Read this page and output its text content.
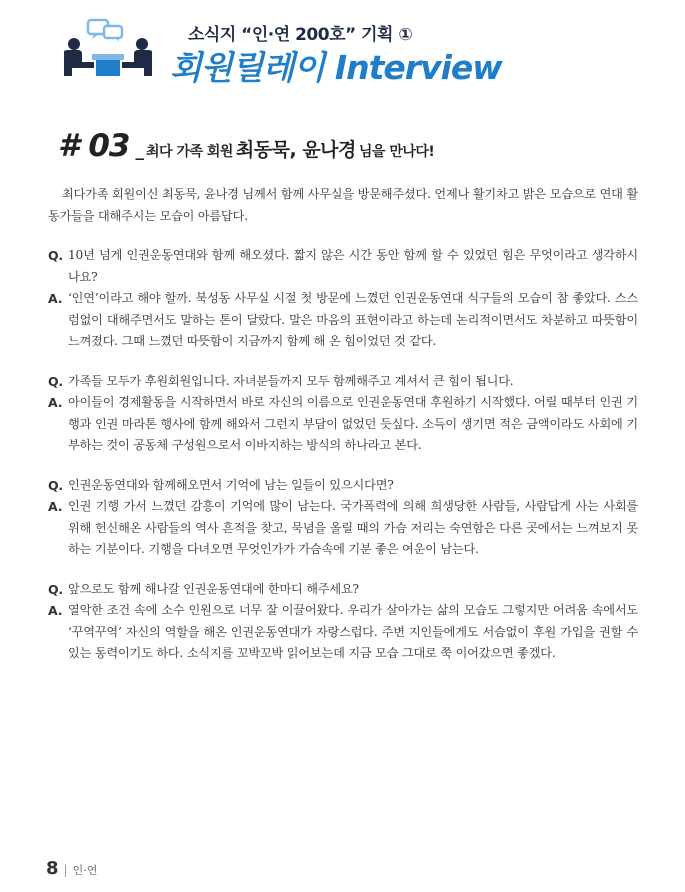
소식지 “인·연 200호” 기획 ①
회원릴레이 Interview
# 03 _ 최다 가족 회원 최동묵, 윤나경 님을 만나다!

최다가족 회원이신 최동묵, 윤나경 님께서 함께 사무실을 방문해주셨다. 언제나 활기차고 밝은 모습으로 연대 활동가들을 대해주시는 모습이 아름답다.

Q. 10년 넘게 인권운동연대와 함께 해오셨다. 짧지 않은 시간 동안 함께 할 수 있었던 힘은 무엇이라고 생각하시나요?
A. ‘인연’이라고 해야 할까. 북성동 사무실 시절 첫 방문에 느꼈던 인권운동연대 식구들의 모습이 참 좋았다. 스스럼없이 대해주면서도 말하는 톤이 달랐다. 말은 마음의 표현이라고 하는데 논리적이면서도 차분하고 따뜻함이 느껴졌다. 그때 느꼈던 따뜻함이 지금까지 함께 해 온 힘이었던 것 같다.
Q. 가족들 모두가 후원회원입니다. 자녀분들까지 모두 함께해주고 계셔서 큰 힘이 됩니다.
A. 아이들이 경제활동을 시작하면서 바로 자신의 이름으로 인권운동연대 후원하기 시작했다. 어릴 때부터 인권 기행과 인권 마라톤 행사에 함께 해와서 그런지 부담이 없었던 듯싶다. 소득이 생기면 적은 금액이라도 사회에 기부하는 것이 공동체 구성원으로서 이바지하는 방식의 하나라고 본다.
Q. 인권운동연대와 함께해오면서 기억에 남는 일들이 있으시다면?
A. 인권 기행 가서 느꼈던 감흥이 기억에 많이 남는다. 국가폭력에 의해 희생당한 사람들, 사람답게 사는 사회를 위해 헌신해온 사람들의 역사 흔적을 찾고, 묵념을 올릴 때의 가슴 저리는 숙연함은 다른 곳에서는 느껴보지 못하는 기분이다. 기행을 다녀오면 무엇인가가 가슴속에 기분 좋은 여운이 남는다.
Q. 앞으로도 함께 해나갈 인권운동연대에 한마디 해주세요?
A. 열악한 조건 속에 소수 인원으로 너무 잘 이끌어왔다. 우리가 살아가는 삶의 모습도 그렇지만 어려움 속에서도 ‘꾸역꾸역’ 자신의 역할을 해온 인권운동연대가 자랑스럽다. 주변 지인들에게도 서슴없이 후원 가입을 권할 수 있는 동력이기도 하다. 소식지를 꼬박꼬박 읽어보는데 지금 모습 그대로 쭉 이어갔으면 좋겠다.
8 | 인·연
